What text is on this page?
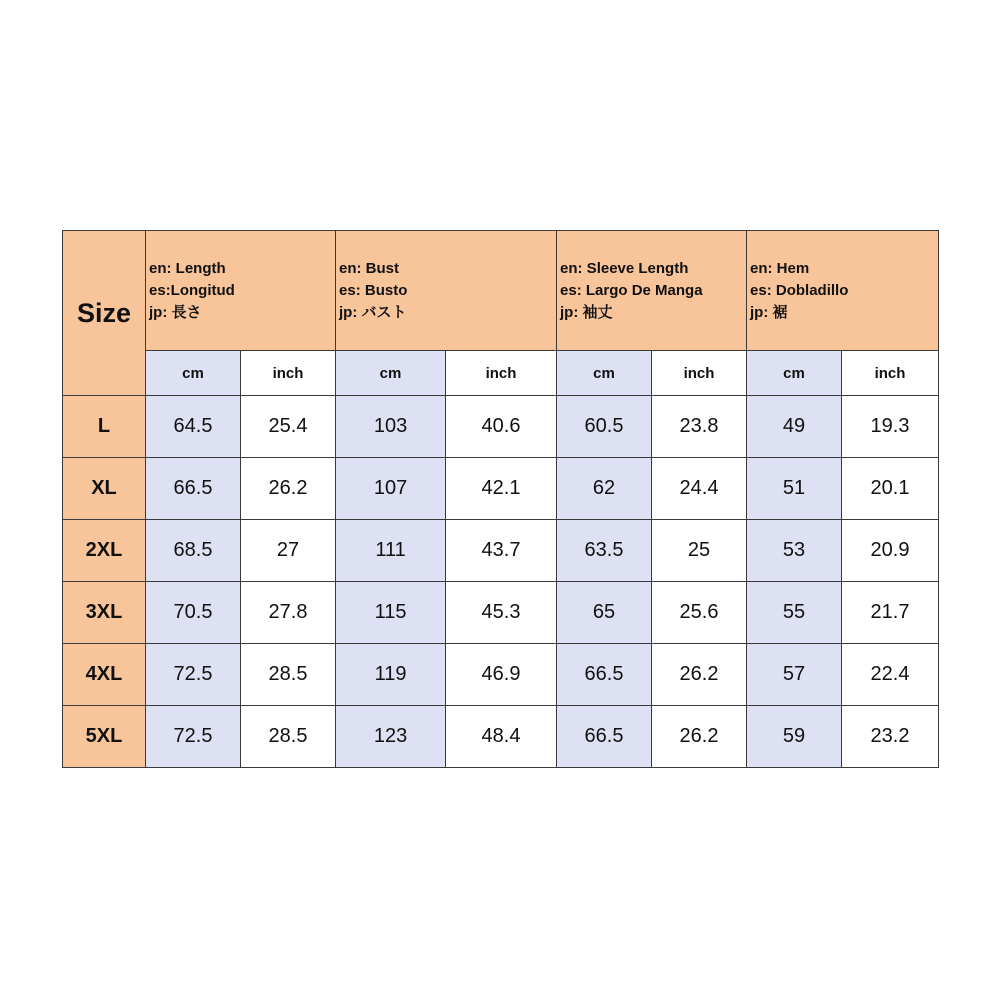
Size	en: Length
es:Longitud
jp: 長さ		en: Bust
es: Busto
jp: バスト		en: Sleeve Length
es: Largo De Manga
jp: 袖丈		en: Hem
es: Dobladillo
jp: 裾	

	cm	inch	cm	inch	cm	inch	cm	inch
L	64.5	25.4	103	40.6	60.5	23.8	49	19.3
XL	66.5	26.2	107	42.1	62	24.4	51	20.1
2XL	68.5	27	111	43.7	63.5	25	53	20.9
3XL	70.5	27.8	115	45.3	65	25.6	55	21.7
4XL	72.5	28.5	119	46.9	66.5	26.2	57	22.4
5XL	72.5	28.5	123	48.4	66.5	26.2	59	23.2
